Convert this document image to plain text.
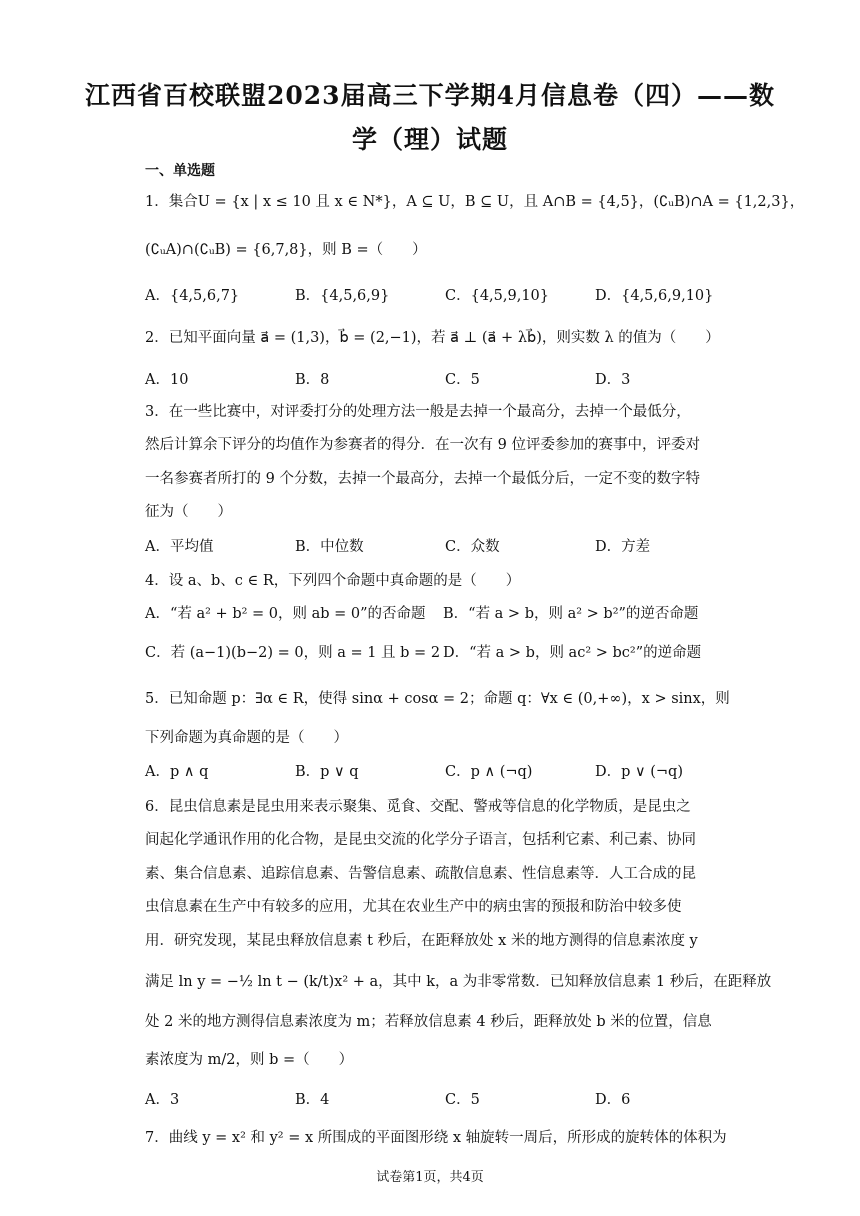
江西省百校联盟2023届高三下学期4月信息卷（四）——数
学（理）试题
一、单选题
1．集合U = {x | x ≤ 10 且 x ∈ N*}，A ⊆ U，B ⊆ U，且 A∩B = {4,5}，(∁ᵤB)∩A = {1,2,3}，
(∁ᵤA)∩(∁ᵤB) = {6,7,8}，则 B =（　　）
A．{4,5,6,7}	B．{4,5,6,9}	C．{4,5,9,10}	D．{4,5,6,9,10}
2．已知平面向量 a⃗ = (1,3)，b⃗ = (2,−1)，若 a⃗ ⊥ (a⃗ + λb⃗)，则实数 λ 的值为（　　）
A．10	B．8	C．5	D．3
3．在一些比赛中，对评委打分的处理方法一般是去掉一个最高分，去掉一个最低分，
然后计算余下评分的均值作为参赛者的得分．在一次有 9 位评委参加的赛事中，评委对
一名参赛者所打的 9 个分数，去掉一个最高分，去掉一个最低分后，一定不变的数字特
征为（　　）
A．平均值	B．中位数	C．众数	D．方差
4．设 a、b、c ∈ R，下列四个命题中真命题的是（　　）
A．“若 a² + b² = 0，则 ab = 0”的否命题	B．“若 a > b，则 a² > b²”的逆否命题
C．若 (a−1)(b−2) = 0，则 a = 1 且 b = 2 D．“若 a > b，则 ac² > bc²”的逆命题
5．已知命题 p：∃α ∈ R，使得 sinα + cosα = 2；命题 q：∀x ∈ (0,+∞)，x > sinx，则
下列命题为真命题的是（　　）
A．p ∧ q	B．p ∨ q	C．p ∧ (¬q)	D．p ∨ (¬q)
6．昆虫信息素是昆虫用来表示聚集、觅食、交配、警戒等信息的化学物质，是昆虫之
间起化学通讯作用的化合物，是昆虫交流的化学分子语言，包括利它素、利己素、协同
素、集合信息素、追踪信息素、告警信息素、疏散信息素、性信息素等．人工合成的昆
虫信息素在生产中有较多的应用，尤其在农业生产中的病虫害的预报和防治中较多使
用．研究发现，某昆虫释放信息素 t 秒后，在距释放处 x 米的地方测得的信息素浓度 y
满足 ln y = −½ ln t − (k/t)x² + a，其中 k，a 为非零常数．已知释放信息素 1 秒后，在距释放
处 2 米的地方测得信息素浓度为 m；若释放信息素 4 秒后，距释放处 b 米的位置，信息
素浓度为 m/2，则 b =（　　）
A．3	B．4	C．5	D．6
7．曲线 y = x² 和 y² = x 所围成的平面图形绕 x 轴旋转一周后，所形成的旋转体的体积为
试卷第1页，共4页
